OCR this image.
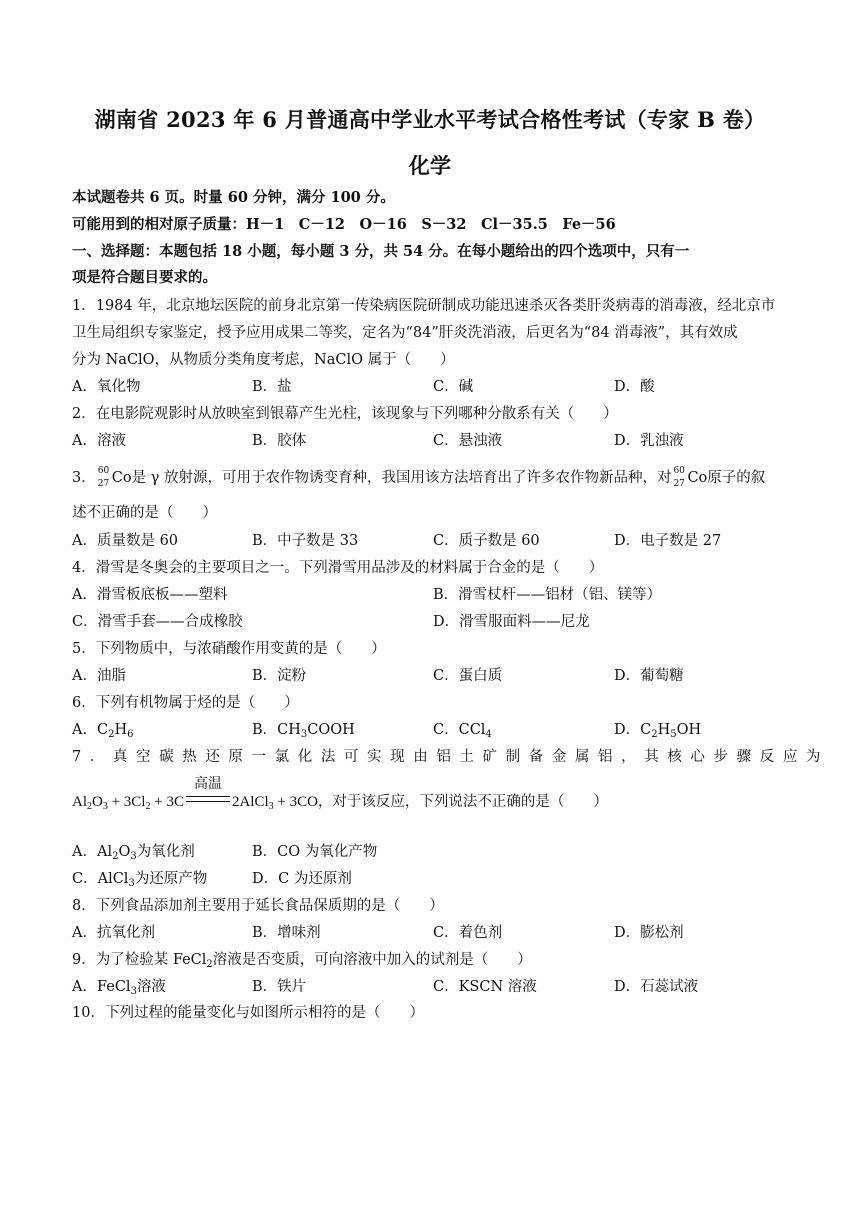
湖南省 2023 年 6 月普通高中学业水平考试合格性考试（专家 B 卷）
化学
本试题卷共 6 页。时量 60 分钟，满分 100 分。
可能用到的相对原子质量：H－1　C－12　O－16　S－32　Cl－35.5　Fe－56
一、选择题：本题包括 18 小题，每小题 3 分，共 54 分。在每小题给出的四个选项中，只有一
项是符合题目要求的。
1．1984 年，北京地坛医院的前身北京第一传染病医院研制成功能迅速杀灭各类肝炎病毒的消毒液，经北京市
卫生局组织专家鉴定，授予应用成果二等奖，定名为“84”肝炎洗消液，后更名为“84 消毒液”，其有效成
分为 NaClO，从物质分类角度考虑，NaClO 属于（　　）
A．氧化物	B．盐	C．碱	D．酸
2．在电影院观影时从放映室到银幕产生光柱，该现象与下列哪种分散系有关（　　）
A．溶液	B．胶体	C．悬浊液	D．乳浊液
3． 60
27 Co是 γ 放射源，可用于农作物诱变育种，我国用该方法培育出了许多农作物新品种，对 60
27 Co原子的叙
述不正确的是（　　）
A．质量数是 60	B．中子数是 33	C．质子数是 60	D．电子数是 27
4．滑雪是冬奥会的主要项目之一。下列滑雪用品涉及的材料属于合金的是（　　）
A．滑雪板底板——塑料	B．滑雪杖杆——铝材（铝、镁等）
C．滑雪手套——合成橡胶	D．滑雪服面料——尼龙
5．下列物质中，与浓硝酸作用变黄的是（　　）
A．油脂	B．淀粉	C．蛋白质	D．葡萄糖
6．下列有机物属于烃的是（　　）
A．$C_2H_6$	B．$CH_3COOH$	C．CCl$_4$	D．$C_2H_5OH$
7．真空碳热还原一氯化法可实现由铝土矿制备金属铝，其核心步骤反应为
$Al_2O_3 + 3Cl_2 + 3C$
高温
2AlCl$_3$ + 3CO，对于该反应，下列说法不正确的是（　　）
A．$Al_2O_3$为氧化剂	B．CO 为氧化产物
C．AlCl$_3$为还原产物	D．C 为还原剂
8．下列食品添加剂主要用于延长食品保质期的是（　　）
A．抗氧化剂	B．增味剂	C．着色剂	D．膨松剂
9．为了检验某 FeCl$_2$溶液是否变质，可向溶液中加入的试剂是（　　）
A．FeCl$_3$溶液	B．铁片	C．KSCN 溶液	D．石蕊试液
10．下列过程的能量变化与如图所示相符的是（　　）
